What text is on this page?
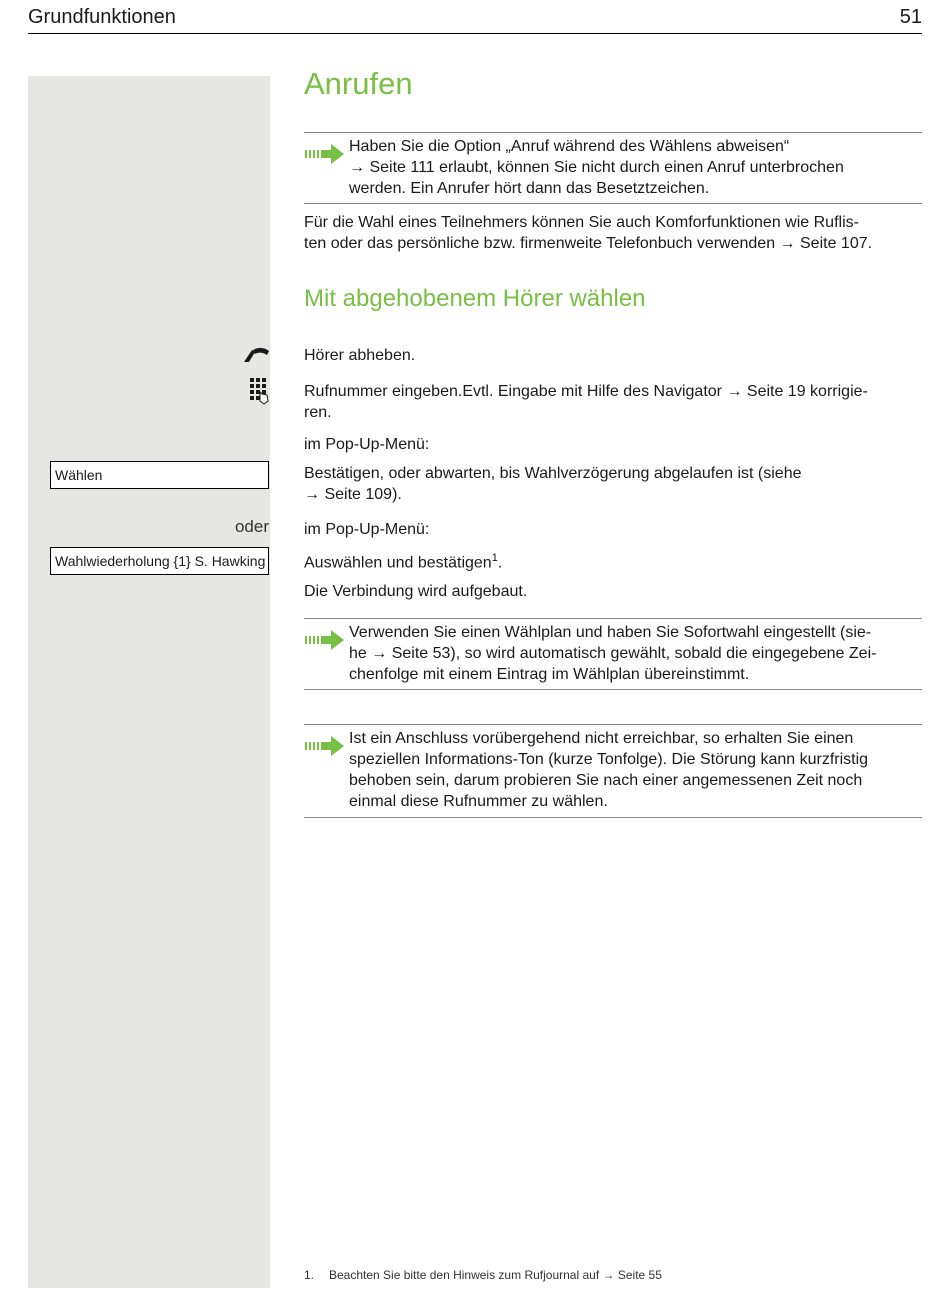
Grundfunktionen	51
Anrufen
Haben Sie die Option „Anruf während des Wählens abweisen“
→ Seite 111 erlaubt, können Sie nicht durch einen Anruf unterbrochen
werden. Ein Anrufer hört dann das Besetztzeichen.
Für die Wahl eines Teilnehmers können Sie auch Komforfunktionen wie Ruflis-
ten oder das persönliche bzw. firmenweite Telefonbuch verwenden → Seite 107.
Mit abgehobenem Hörer wählen
Hörer abheben.
Rufnummer eingeben.Evtl. Eingabe mit Hilfe des Navigator → Seite 19 korrigie-
ren.
im Pop-Up-Menü:
Wählen	Bestätigen, oder abwarten, bis Wahlverzögerung abgelaufen ist (siehe
→ Seite 109).
oder im Pop-Up-Menü:
Wahlwiederholung {1} S. Hawking Auswählen und bestätigen$^1$.
Die Verbindung wird aufgebaut.
Verwenden Sie einen Wählplan und haben Sie Sofortwahl eingestellt (sie-
he → Seite 53), so wird automatisch gewählt, sobald die eingegebene Zei-
chenfolge mit einem Eintrag im Wählplan übereinstimmt.
Ist ein Anschluss vorübergehend nicht erreichbar, so erhalten Sie einen
speziellen Informations-Ton (kurze Tonfolge). Die Störung kann kurzfristig
behoben sein, darum probieren Sie nach einer angemessenen Zeit noch
einmal diese Rufnummer zu wählen.
1. Beachten Sie bitte den Hinweis zum Rufjournal auf → Seite 55
